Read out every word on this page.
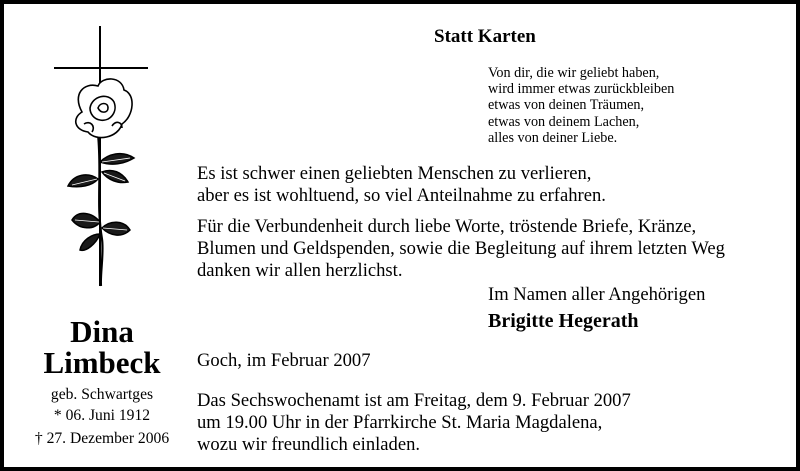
Statt Karten
Von dir, die wir geliebt haben,
wird immer etwas zurückbleiben
etwas von deinen Träumen,
etwas von deinem Lachen,
alles von deiner Liebe.
Es ist schwer einen geliebten Menschen zu verlieren,
aber es ist wohltuend, so viel Anteilnahme zu erfahren.
Für die Verbundenheit durch liebe Worte, tröstende Briefe, Kränze,
Blumen und Geldspenden, sowie die Begleitung auf ihrem letzten Weg
danken wir allen herzlichst.
Im Namen aller Angehörigen
Brigitte Hegerath
Goch, im Februar 2007
Das Sechswochenamt ist am Freitag, dem 9. Februar 2007
um 19.00 Uhr in der Pfarrkirche St. Maria Magdalena,
wozu wir freundlich einladen.
Dina
Limbeck
geb. Schwartges
* 06. Juni 1912
† 27. Dezember 2006
